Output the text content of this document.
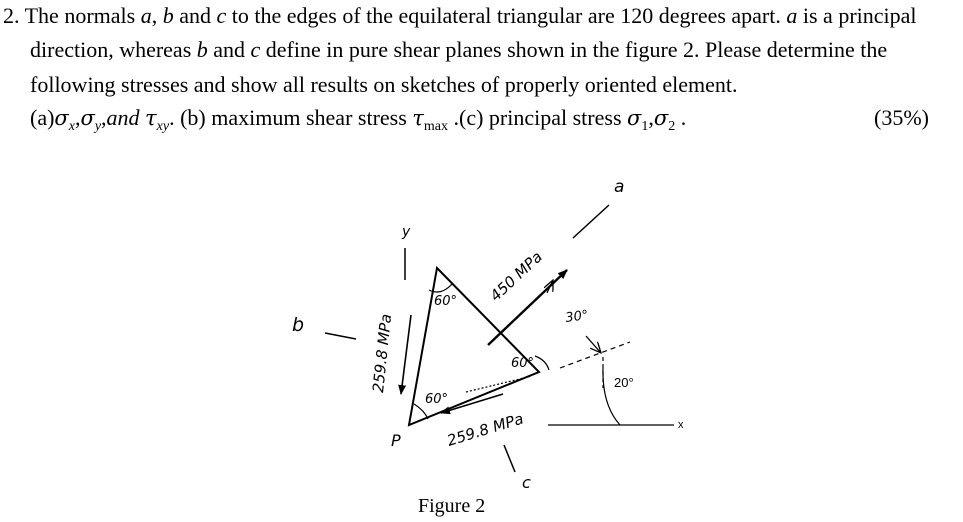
2. The normals a, b and c to the edges of the equilateral triangular are 120 degrees apart. a is a principal
direction, whereas b and c define in pure shear planes shown in the figure 2. Please determine the
following stresses and show all results on sketches of properly oriented element.
$(a)\sigma_x,\sigma_y,and$ $\tau_{xy}$. (b) maximum shear stress $\tau_{max}$ .(c) principal stress $\sigma_1,\sigma_2$ .	(35%)
a
b
c
P
y
x
450 MPa
259.8 MPa
259.8 MPa
60°
60°
60°
30°
20°
Figure 2
